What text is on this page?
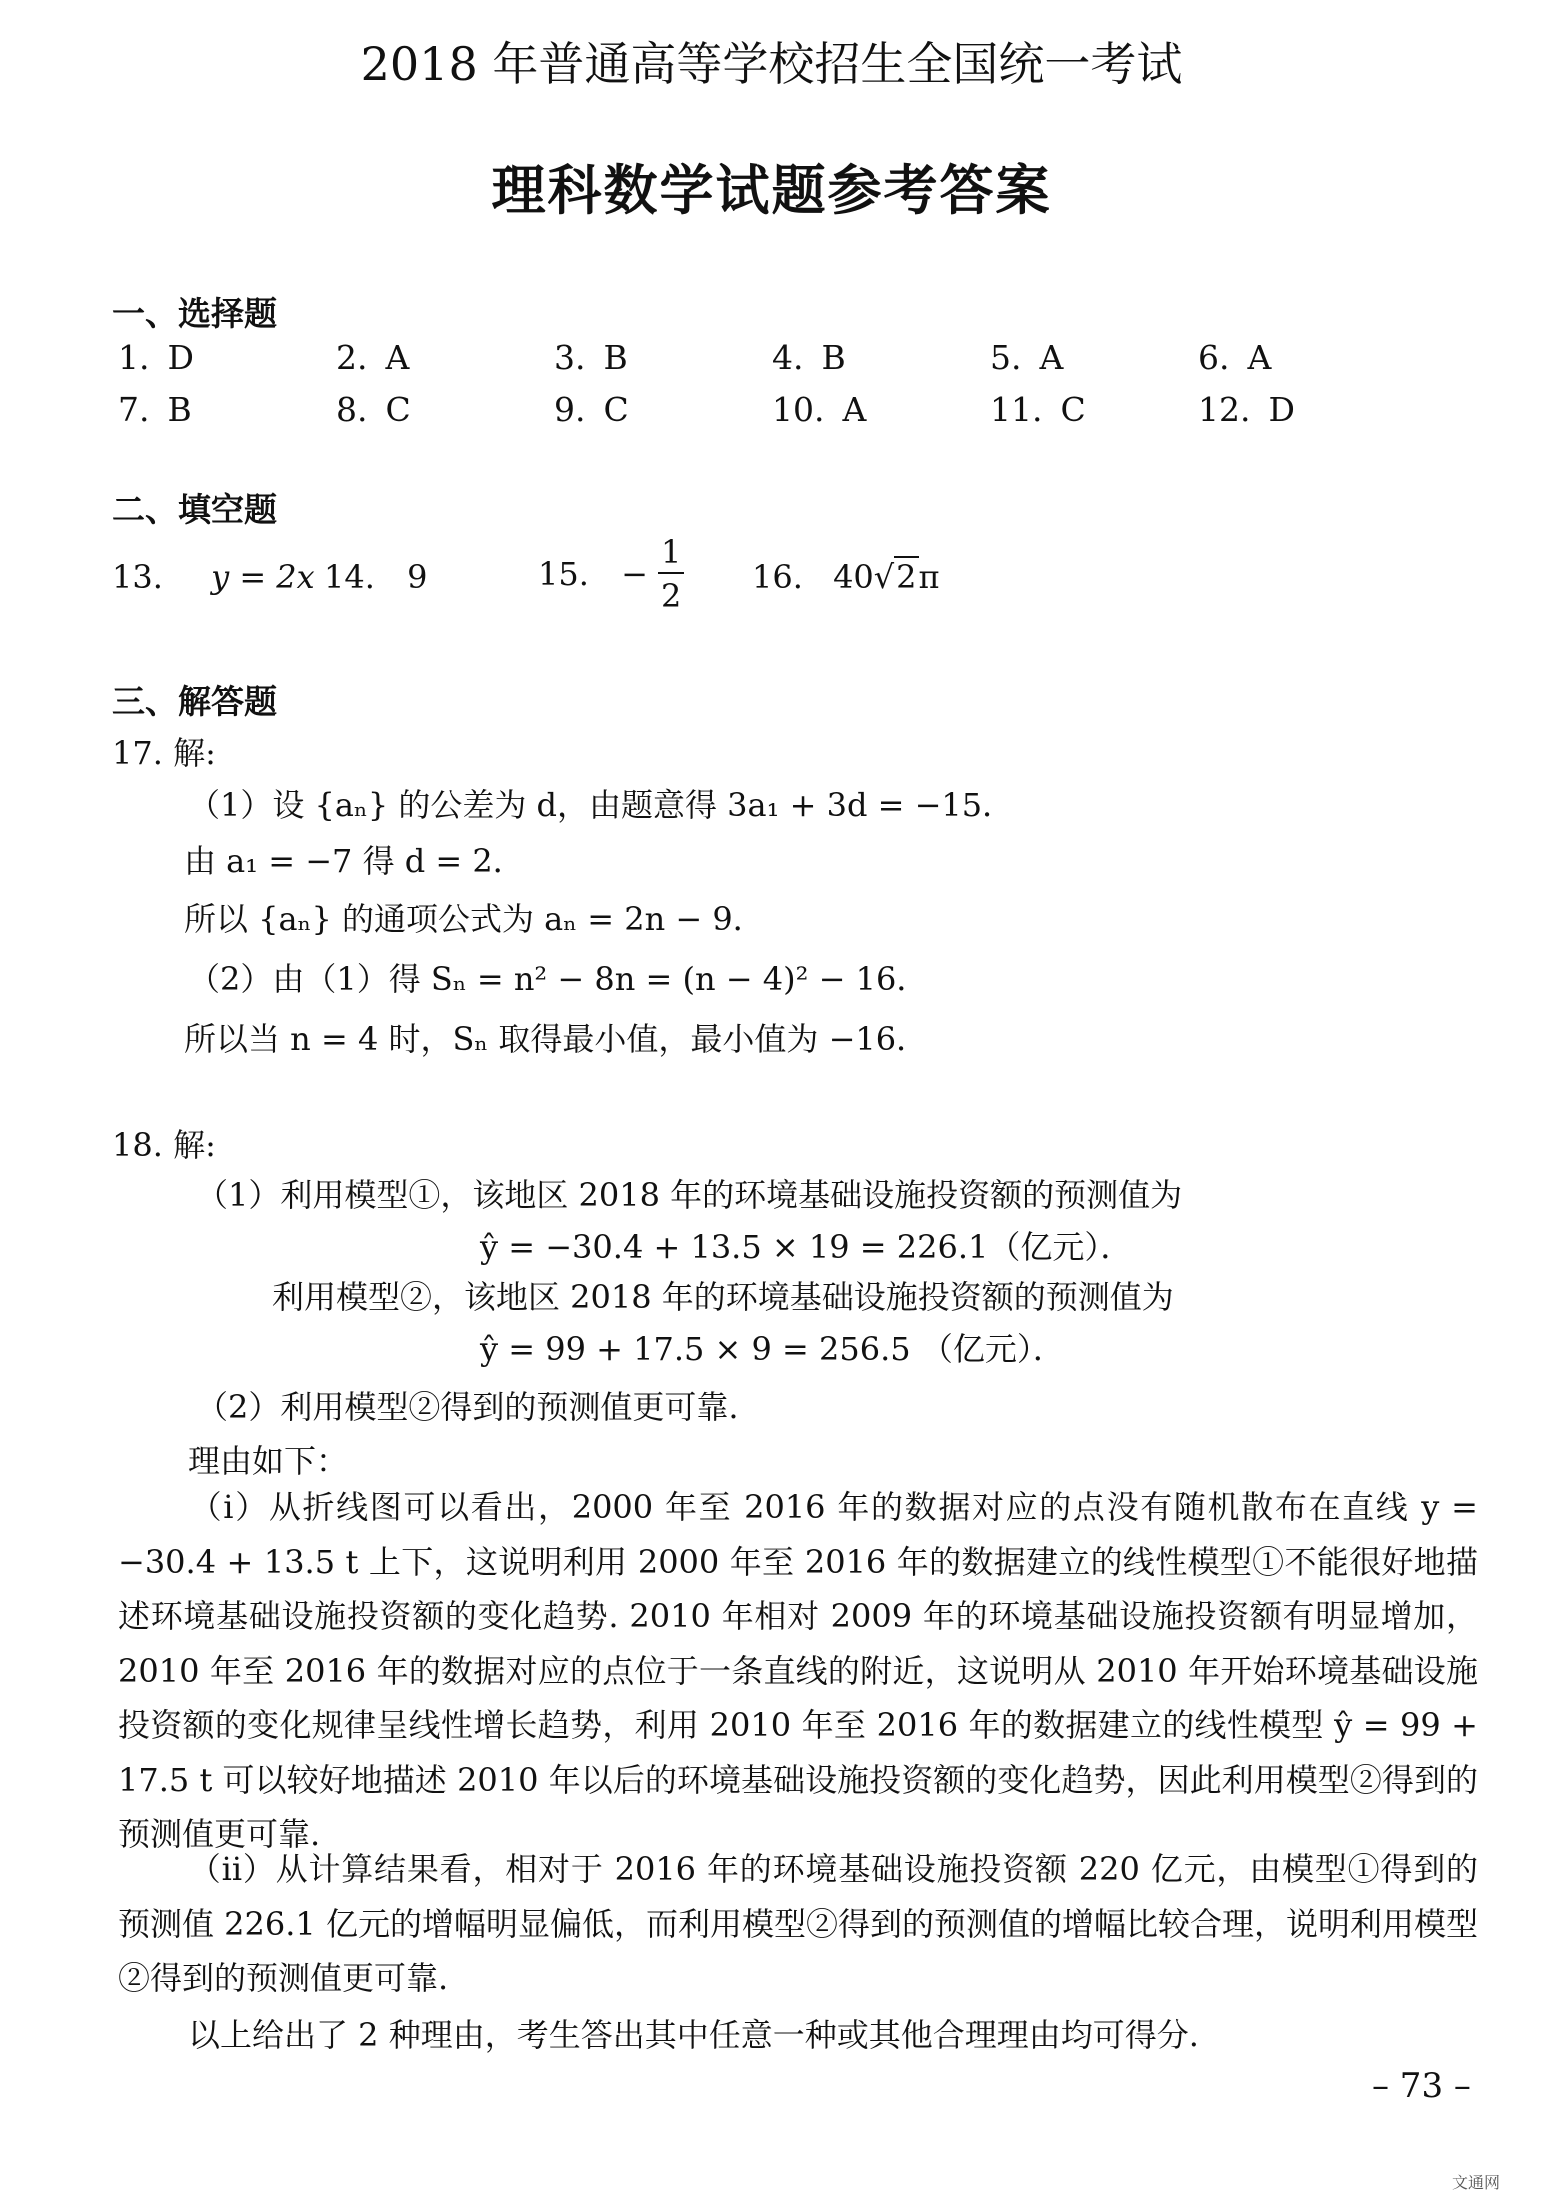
2018 年普通高等学校招生全国统一考试
理科数学试题参考答案
一、选择题
1. D	2. A	3. B	4. B	5. A	6. A
7. B	8. C	9. C	10. A	11. C	12. D
二、填空题
13. y = 2x 14. 9	15. − $\frac{1}{2} 16$. 40√2π
三、解答题
17. 解:
（1）设 {aₙ} 的公差为 d，由题意得 3a₁ + 3d = −15．
由 a₁ = −7 得 d = 2．
所以 {aₙ} 的通项公式为 aₙ = 2n − 9．
（2）由（1）得 Sₙ = n² − 8n = (n − 4)² − 16．
所以当 n = 4 时，Sₙ 取得最小值，最小值为 −16．
18. 解:
（1）利用模型①，该地区 2018 年的环境基础设施投资额的预测值为
ŷ = −30.4 + 13.5 × 19 = 226.1（亿元）．
利用模型②，该地区 2018 年的环境基础设施投资额的预测值为
ŷ = 99 + 17.5 × 9 = 256.5 （亿元）．
（2）利用模型②得到的预测值更可靠.
理由如下：
（ⅰ）从折线图可以看出，2000 年至 2016 年的数据对应的点没有随机散布在直线 y = −30.4 + 13.5 t 上下，这说明利用 2000 年至 2016 年的数据建立的线性模型①不能很好地描述环境基础设施投资额的变化趋势. 2010 年相对 2009 年的环境基础设施投资额有明显增加，2010 年至 2016 年的数据对应的点位于一条直线的附近，这说明从 2010 年开始环境基础设施投资额的变化规律呈线性增长趋势，利用 2010 年至 2016 年的数据建立的线性模型 ŷ = 99 + 17.5 t 可以较好地描述 2010 年以后的环境基础设施投资额的变化趋势，因此利用模型②得到的预测值更可靠.
（ⅱ）从计算结果看，相对于 2016 年的环境基础设施投资额 220 亿元，由模型①得到的预测值 226.1 亿元的增幅明显偏低，而利用模型②得到的预测值的增幅比较合理，说明利用模型②得到的预测值更可靠.
以上给出了 2 种理由，考生答出其中任意一种或其他合理理由均可得分.
– 73 –
文通网
